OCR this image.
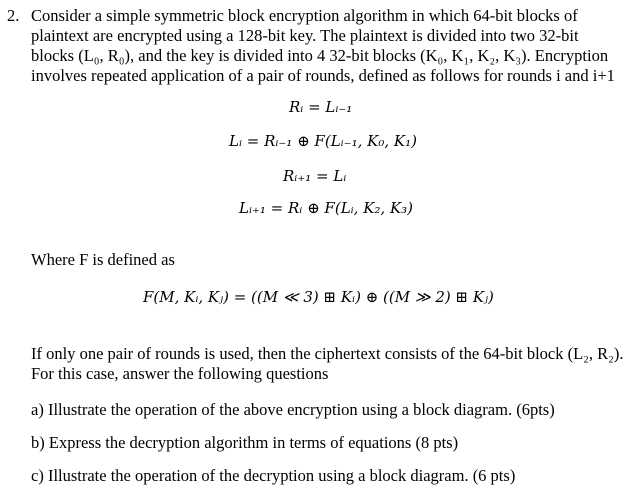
2. Consider a simple symmetric block encryption algorithm in which 64-bit blocks of
plaintext are encrypted using a 128-bit key. The plaintext is divided into two 32-bit
blocks (L₀, R₀), and the key is divided into 4 32-bit blocks (K₀, K₁, K₂, K₃). Encryption
involves repeated application of a pair of rounds, defined as follows for rounds i and i+1
Rᵢ = Lᵢ₋₁
Lᵢ = Rᵢ₋₁ ⊕ F(Lᵢ₋₁, K₀, K₁)
Rᵢ₊₁ = Lᵢ
Lᵢ₊₁ = Rᵢ ⊕ F(Lᵢ, K₂, K₃)
Where F is defined as
F(M, Kᵢ, Kⱼ) = ((M ≪ 3) ⊞ Kᵢ) ⊕ ((M ≫ 2) ⊞ Kⱼ)
If only one pair of rounds is used, then the ciphertext consists of the 64-bit block (L₂, R₂).
For this case, answer the following questions
a) Illustrate the operation of the above encryption using a block diagram. (6pts)
b) Express the decryption algorithm in terms of equations (8 pts)
c) Illustrate the operation of the decryption using a block diagram. (6 pts)
